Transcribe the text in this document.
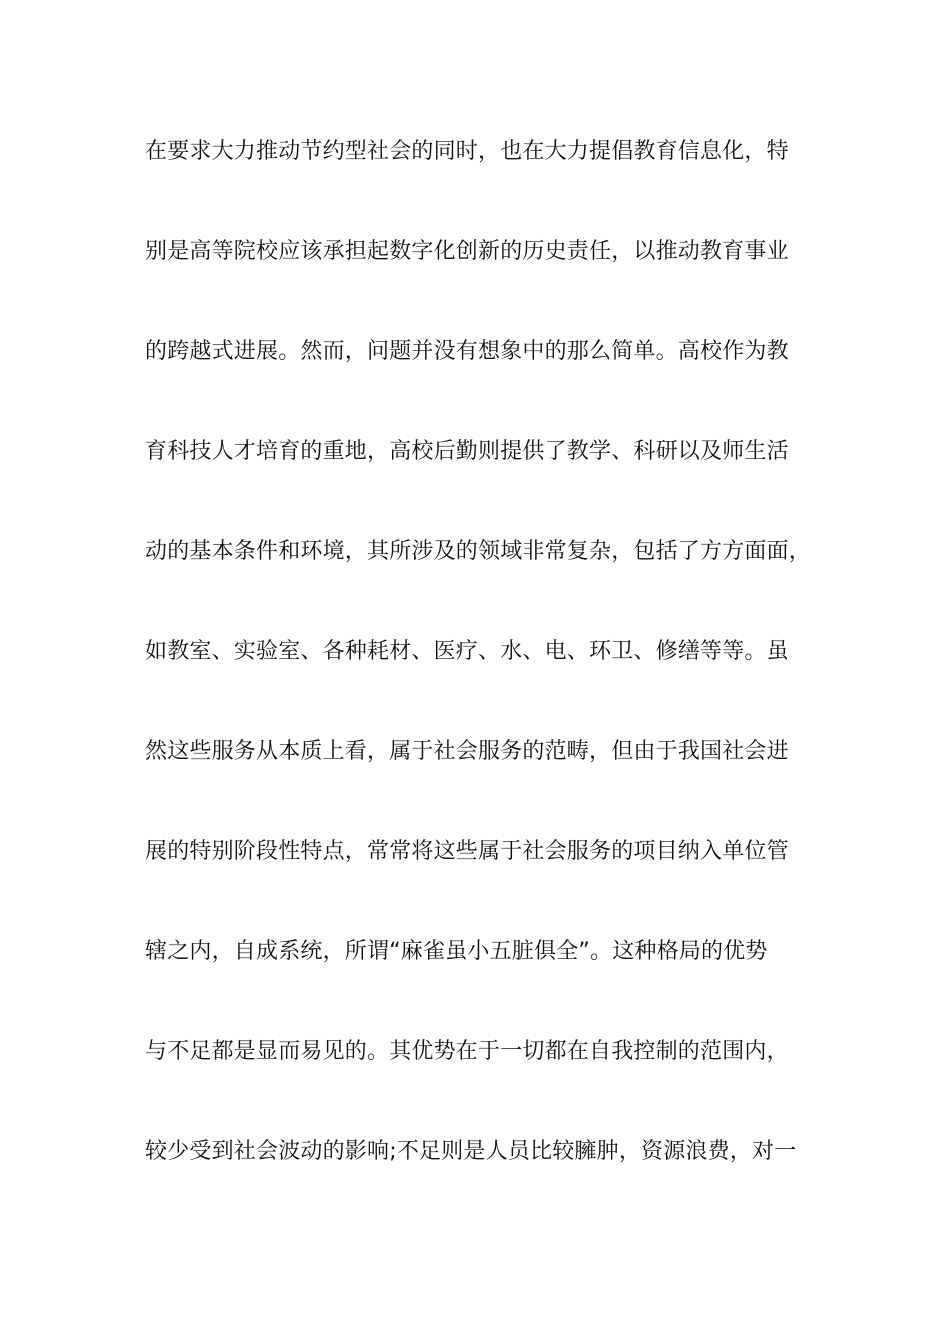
在要求大力推动节约型社会的同时，也在大力提倡教育信息化，特
别是高等院校应该承担起数字化创新的历史责任，以推动教育事业
的跨越式进展。然而，问题并没有想象中的那么简单。高校作为教
育科技人才培育的重地，高校后勤则提供了教学、科研以及师生活
动的基本条件和环境，其所涉及的领域非常复杂，包括了方方面面，
如教室、实验室、各种耗材、医疗、水、电、环卫、修缮等等。虽
然这些服务从本质上看，属于社会服务的范畴，但由于我国社会进
展的特别阶段性特点，常常将这些属于社会服务的项目纳入单位管
辖之内，自成系统，所谓“麻雀虽小五脏俱全”。这种格局的优势
与不足都是显而易见的。其优势在于一切都在自我控制的范围内，
较少受到社会波动的影响;不足则是人员比较臃肿，资源浪费，对一
